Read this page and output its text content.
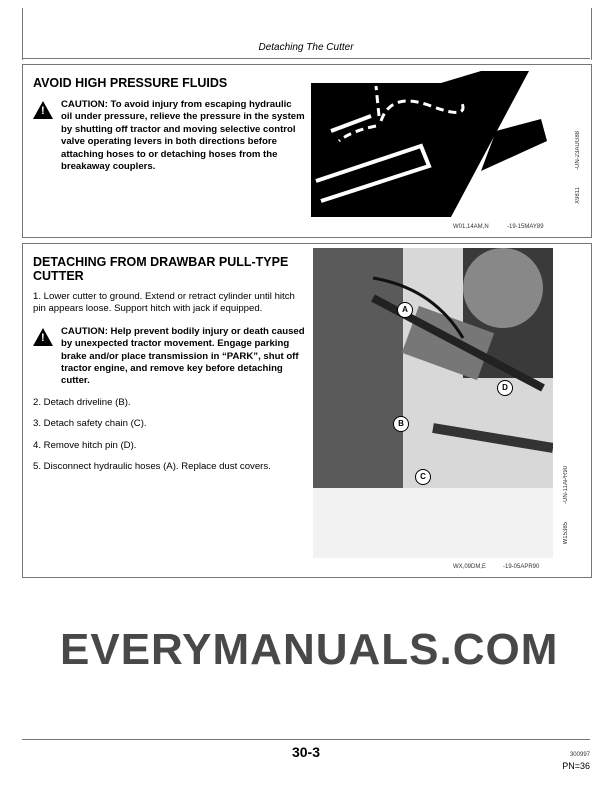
Detaching The Cutter
AVOID HIGH PRESSURE FLUIDS
!
CAUTION: To avoid injury from escaping hydraulic oil under pressure, relieve the pressure in the system by shutting off tractor and moving selective control valve operating levers in both directions before attaching hoses to or detaching hoses from the breakaway couplers.	-UN-23AUG88
X9811
W01,14AM,N	-19-15MAY89
DETACHING FROM DRAWBAR PULL-TYPE CUTTER
1. Lower cutter to ground. Extend or retract cylinder until hitch pin appears loose. Support hitch with jack if equipped.
!
CAUTION: Help prevent bodily injury or death caused by unexpected tractor movement. Engage parking brake and/or place transmission in “PARK”, shut off tractor engine, and remove key before detaching cutter.
2. Detach driveline (B).
3. Detach safety chain (C).
4. Remove hitch pin (D).
5. Disconnect hydraulic hoses (A). Replace dust covers.
A
B
C
D
-UN-11APR90
W15385
WX,09DM,E	-19-05APR90
EVERYMANUALS.COM
30-3	300997
PN=36
